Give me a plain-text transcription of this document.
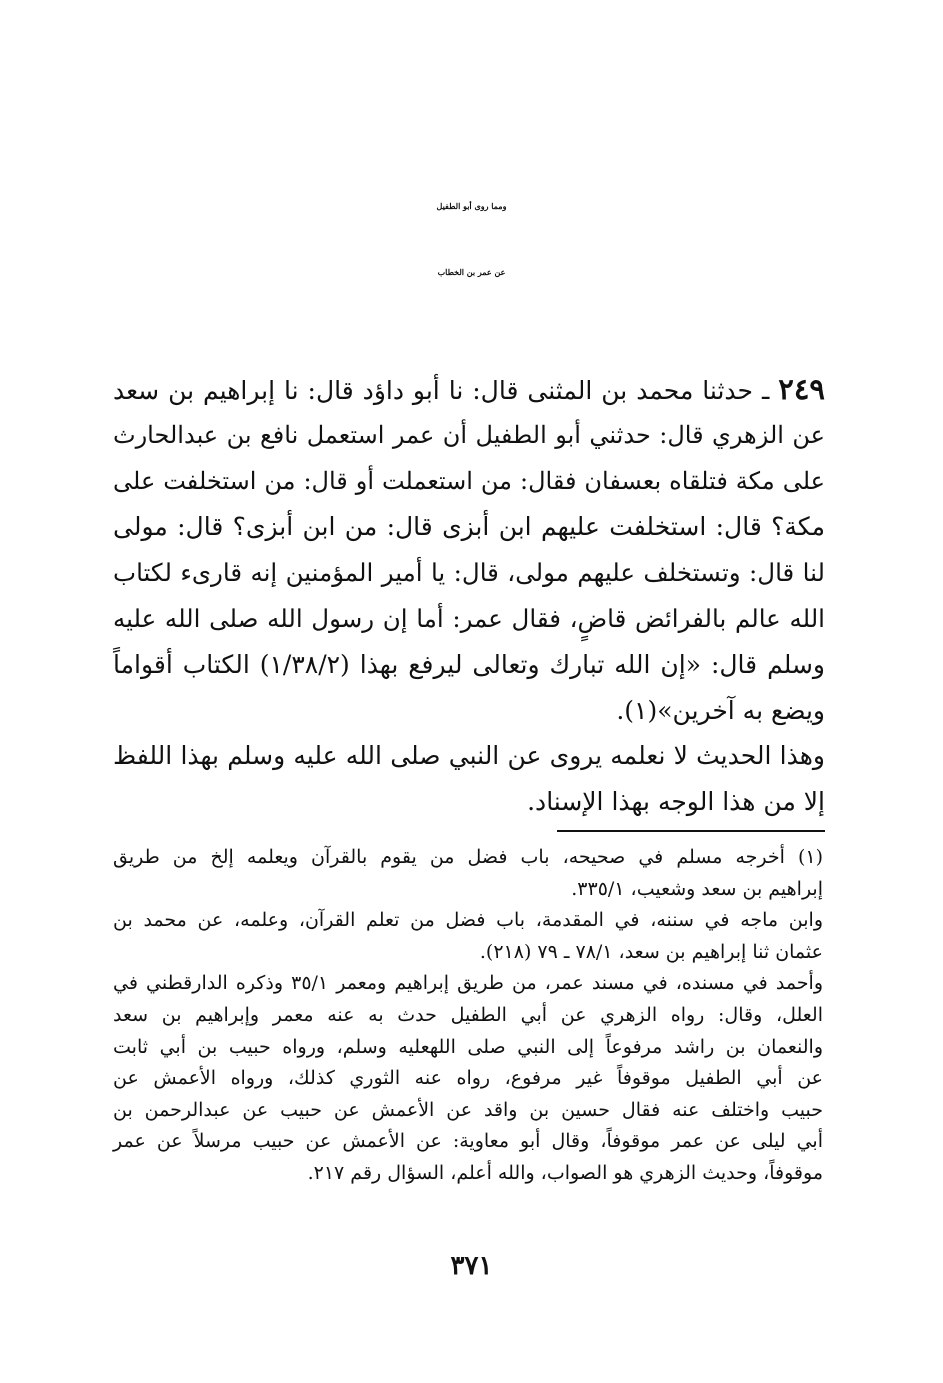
ومما روى أبو الطفيل
عن عمر بن الخطاب
٢٤٩ ـ حدثنا محمد بن المثنى قال: نا أبو داؤد قال: نا إبراهيم بن سعد
عن الزهري قال: حدثني أبو الطفيل أن عمر استعمل نافع بن عبدالحارث
على مكة فتلقاه بعسفان فقال: من استعملت أو قال: من استخلفت على
مكة؟ قال: استخلفت عليهم ابن أبزى قال: من ابن أبزى؟ قال: مولى
لنا قال: وتستخلف عليهم مولى، قال: يا أمير المؤمنين إنه قارىء لكتاب
الله عالم بالفرائض قاضٍ، فقال عمر: أما إن رسول الله صلى الله عليه
وسلم قال: «إن الله تبارك وتعالى ليرفع بهذا (١/٣٨/٢) الكتاب أقواماً
ويضع به آخرين»(١).
وهذا الحديث لا نعلمه يروى عن النبي صلى الله عليه وسلم بهذا اللفظ
إلا من هذا الوجه بهذا الإسناد.
(١) أخرجه مسلم في صحيحه، باب فضل من يقوم بالقرآن ويعلمه إلخ من طريق
إبراهيم بن سعد وشعيب، ٣٣٥/١.
وابن ماجه في سننه، في المقدمة، باب فضل من تعلم القرآن، وعلمه، عن محمد بن
عثمان ثنا إبراهيم بن سعد، ٧٨/١ ـ ٧٩ (٢١٨).
وأحمد في مسنده، في مسند عمر، من طريق إبراهيم ومعمر ٣٥/١ وذكره الدارقطني في
العلل، وقال: رواه الزهري عن أبي الطفيل حدث به عنه معمر وإبراهيم بن سعد
والنعمان بن راشد مرفوعاً إلى النبي صلى اللهعليه وسلم، ورواه حبيب بن أبي ثابت
عن أبي الطفيل موقوفاً غير مرفوع، رواه عنه الثوري كذلك، ورواه الأعمش عن
حبيب واختلف عنه فقال حسين بن واقد عن الأعمش عن حبيب عن عبدالرحمن بن
أبي ليلى عن عمر موقوفاً، وقال أبو معاوية: عن الأعمش عن حبيب مرسلاً عن عمر
موقوفاً، وحديث الزهري هو الصواب، والله أعلم، السؤال رقم ٢١٧.
٣٧١
